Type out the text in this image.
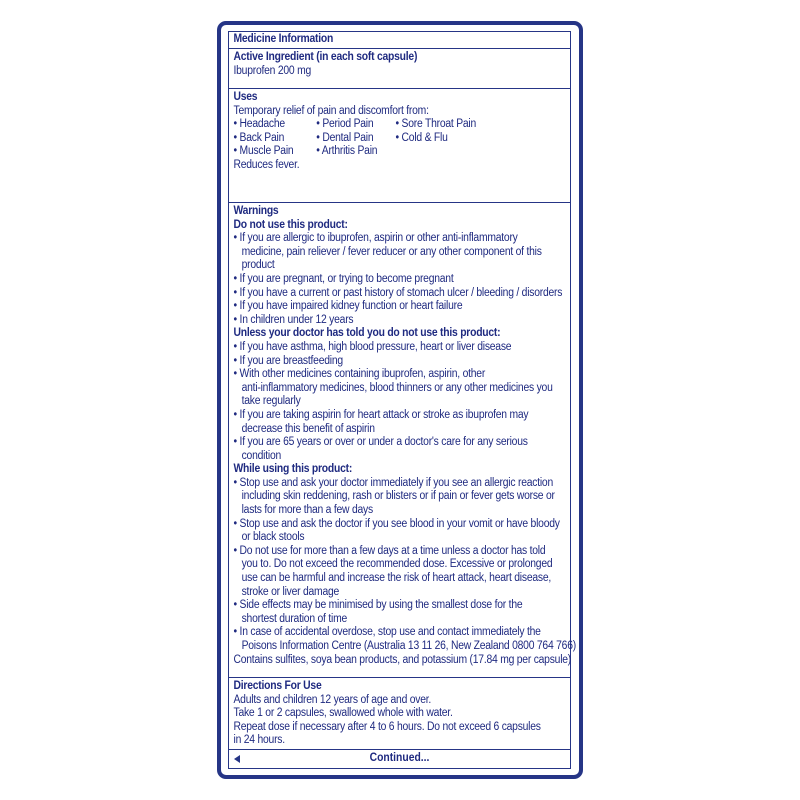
Medicine Information
Active Ingredient (in each soft capsule)
Ibuprofen 200 mg
Uses
Temporary relief of pain and discomfort from:
• Headache
• Back Pain
• Muscle Pain
• Period Pain
• Dental Pain
• Arthritis Pain
• Sore Throat Pain
• Cold & Flu
Reduces fever.
Warnings
Do not use this product:
• If you are allergic to ibuprofen, aspirin or other anti-inflammatory
medicine, pain reliever / fever reducer or any other component of this
product
• If you are pregnant, or trying to become pregnant
• If you have a current or past history of stomach ulcer / bleeding / disorders
• If you have impaired kidney function or heart failure
• In children under 12 years
Unless your doctor has told you do not use this product:
• If you have asthma, high blood pressure, heart or liver disease
• If you are breastfeeding
• With other medicines containing ibuprofen, aspirin, other
anti-inflammatory medicines, blood thinners or any other medicines you
take regularly
• If you are taking aspirin for heart attack or stroke as ibuprofen may
decrease this benefit of aspirin
• If you are 65 years or over or under a doctor's care for any serious
condition
While using this product:
• Stop use and ask your doctor immediately if you see an allergic reaction
including skin reddening, rash or blisters or if pain or fever gets worse or
lasts for more than a few days
• Stop use and ask the doctor if you see blood in your vomit or have bloody
or black stools
• Do not use for more than a few days at a time unless a doctor has told
you to. Do not exceed the recommended dose. Excessive or prolonged
use can be harmful and increase the risk of heart attack, heart disease,
stroke or liver damage
• Side effects may be minimised by using the smallest dose for the
shortest duration of time
• In case of accidental overdose, stop use and contact immediately the
Poisons Information Centre (Australia 13 11 26, New Zealand 0800 764 766)
Contains sulfites, soya bean products, and potassium (17.84 mg per capsule)
Directions For Use
Adults and children 12 years of age and over.
Take 1 or 2 capsules, swallowed whole with water.
Repeat dose if necessary after 4 to 6 hours. Do not exceed 6 capsules
in 24 hours.
Continued...
